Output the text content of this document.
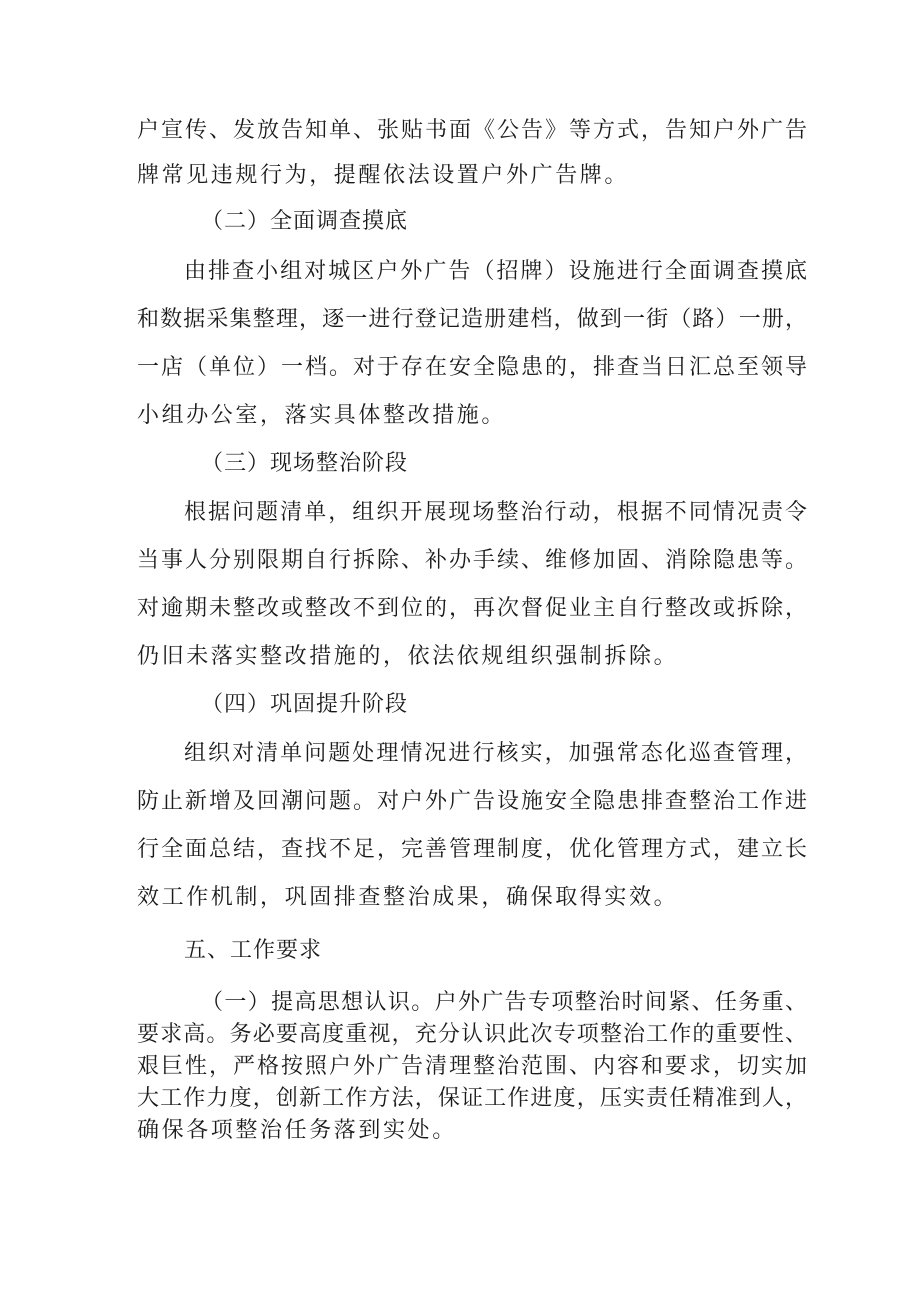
户宣传、发放告知单、张贴书面《公告》等方式，告知户外广告
牌常见违规行为，提醒依法设置户外广告牌。
（二）全面调查摸底
由排查小组对城区户外广告（招牌）设施进行全面调查摸底
和数据采集整理，逐一进行登记造册建档，做到一街（路）一册，
一店（单位）一档。对于存在安全隐患的，排查当日汇总至领导
小组办公室，落实具体整改措施。
（三）现场整治阶段
根据问题清单，组织开展现场整治行动，根据不同情况责令
当事人分别限期自行拆除、补办手续、维修加固、消除隐患等。
对逾期未整改或整改不到位的，再次督促业主自行整改或拆除，
仍旧未落实整改措施的，依法依规组织强制拆除。
（四）巩固提升阶段
组织对清单问题处理情况进行核实，加强常态化巡查管理，
防止新增及回潮问题。对户外广告设施安全隐患排查整治工作进
行全面总结，查找不足，完善管理制度，优化管理方式，建立长
效工作机制，巩固排查整治成果，确保取得实效。
五、工作要求
（一）提高思想认识。户外广告专项整治时间紧、任务重、
要求高。务必要高度重视，充分认识此次专项整治工作的重要性、
艰巨性，严格按照户外广告清理整治范围、内容和要求，切实加
大工作力度，创新工作方法，保证工作进度，压实责任精准到人，
确保各项整治任务落到实处。
